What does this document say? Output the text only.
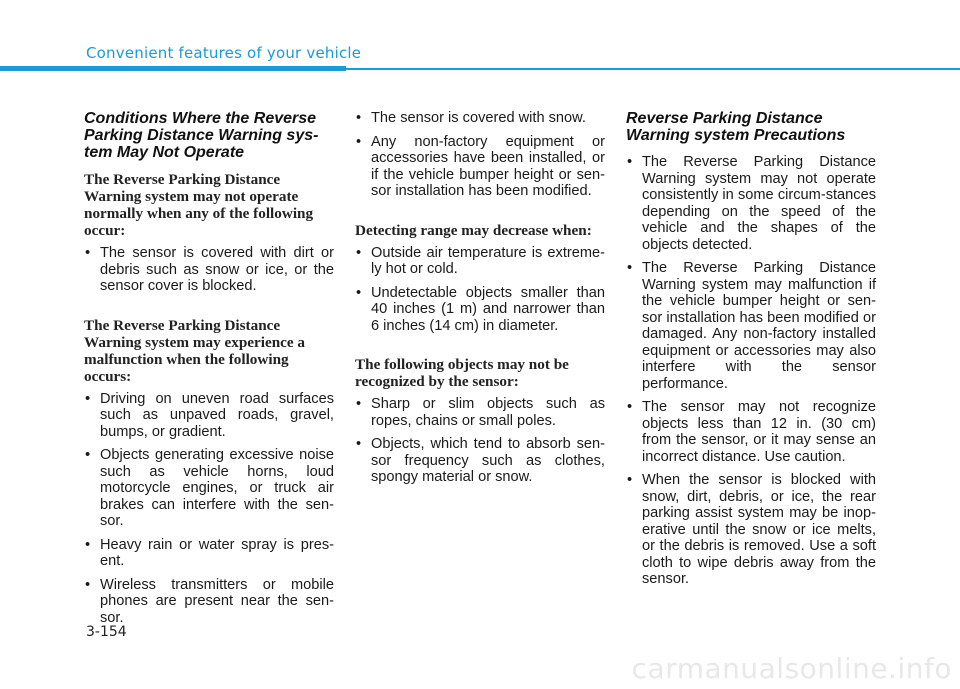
Convenient features of your vehicle
Conditions Where the Reverse Parking Distance Warning sys-tem May Not Operate

The Reverse Parking Distance Warning system may not operate normally when any of the following occur:

• The sensor is covered with dirt or debris such as snow or ice, or the sensor cover is blocked.

The Reverse Parking Distance Warning system may experience a malfunction when the following occurs:

• Driving on uneven road surfaces such as unpaved roads, gravel, bumps, or gradient.
• Objects generating excessive noise such as vehicle horns, loud motorcycle engines, or truck air brakes can interfere with the sen-sor.
• Heavy rain or water spray is pres-ent.
• Wireless transmitters or mobile phones are present near the sen-sor.
• The sensor is covered with snow.
• Any non-factory equipment or accessories have been installed, or if the vehicle bumper height or sen-sor installation has been modified.

Detecting range may decrease when:

• Outside air temperature is extreme-ly hot or cold.
• Undetectable objects smaller than 40 inches (1 m) and narrower than 6 inches (14 cm) in diameter.

The following objects may not be recognized by the sensor:

• Sharp or slim objects such as ropes, chains or small poles.
• Objects, which tend to absorb sen-sor frequency such as clothes, spongy material or snow.
Reverse Parking Distance Warning system Precautions
• The Reverse Parking Distance Warning system may not operate consistently in some circum-stances depending on the speed of the vehicle and the shapes of the objects detected.
• The Reverse Parking Distance Warning system may malfunction if the vehicle bumper height or sen-sor installation has been modified or damaged. Any non-factory installed equipment or accessories may also interfere with the sensor performance.
• The sensor may not recognize objects less than 12 in. (30 cm) from the sensor, or it may sense an incorrect distance. Use caution.
• When the sensor is blocked with snow, dirt, debris, or ice, the rear parking assist system may be inop-erative until the snow or ice melts, or the debris is removed. Use a soft cloth to wipe debris away from the sensor.
3-154
carmanualsonline.info
